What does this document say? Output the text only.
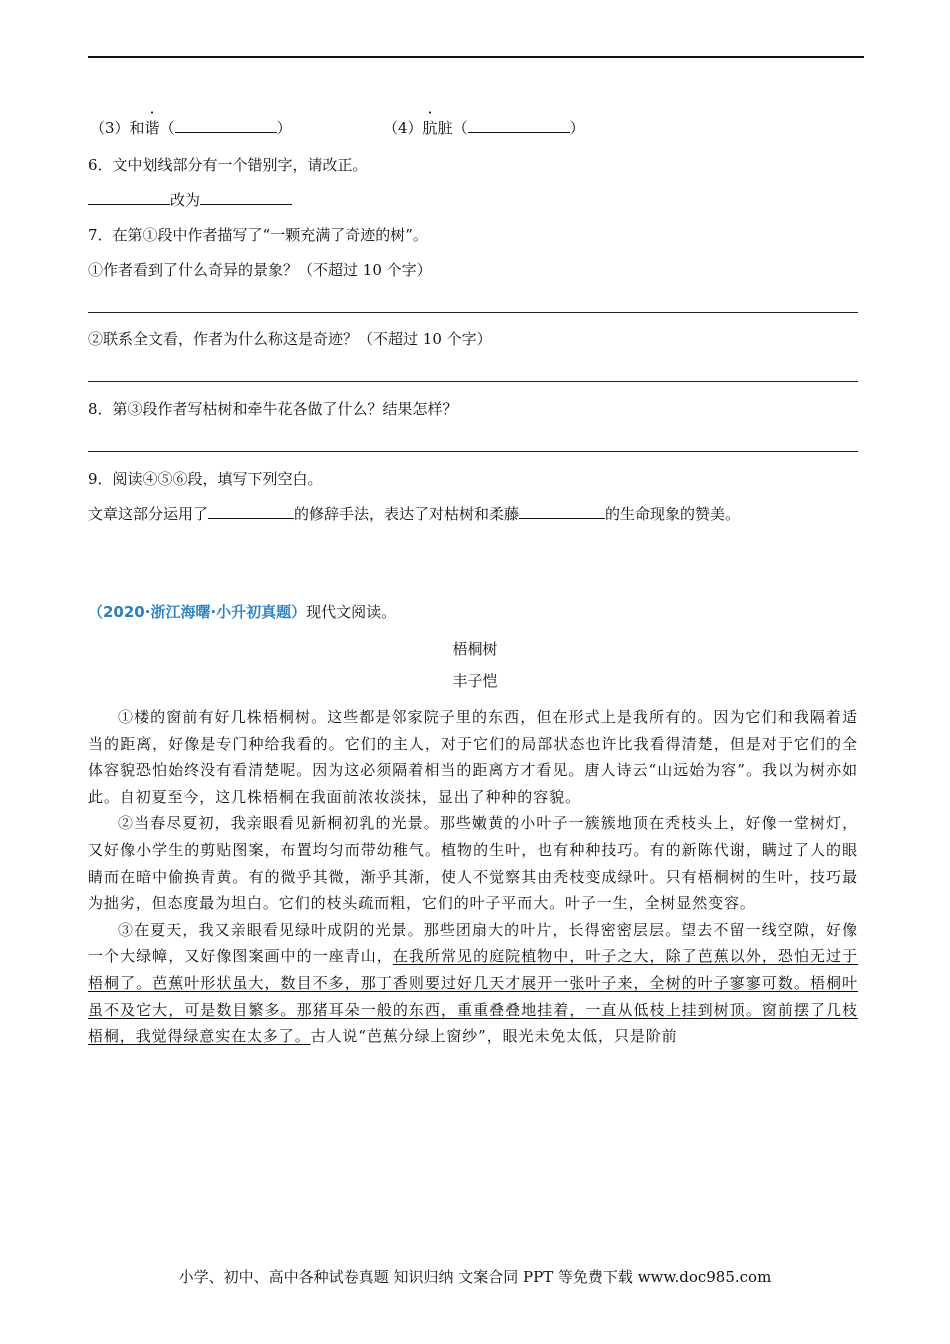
（3）和谐（	）	（4）肮脏（	）
6．文中划线部分有一个错别字，请改正。
改为
7．在第①段中作者描写了“一颗充满了奇迹的树”。
①作者看到了什么奇异的景象？（不超过 10 个字）
②联系全文看，作者为什么称这是奇迹？（不超过 10 个字）
8．第③段作者写枯树和牵牛花各做了什么？结果怎样？
9．阅读④⑤⑥段，填写下列空白。
文章这部分运用了	的修辞手法，表达了对枯树和柔藤	的生命现象的赞美。
（2020·浙江海曙·小升初真题）现代文阅读。
梧桐树
丰子恺

①楼的窗前有好几株梧桐树。这些都是邻家院子里的东西，但在形式上是我所有的。因为它们和我隔着适当的距离，好像是专门种给我看的。它们的主人，对于它们的局部状态也许比我看得清楚，但是对于它们的全体容貌恐怕始终没有看清楚呢。因为这必须隔着相当的距离方才看见。唐人诗云“山远始为容”。我以为树亦如此。自初夏至今，这几株梧桐在我面前浓妆淡抹，显出了种种的容貌。

②当春尽夏初，我亲眼看见新桐初乳的光景。那些嫩黄的小叶子一簇簇地顶在秃枝头上，好像一堂树灯，又好像小学生的剪贴图案，布置均匀而带幼稚气。植物的生叶，也有种种技巧。有的新陈代谢，瞒过了人的眼睛而在暗中偷换青黄。有的微乎其微，渐乎其渐，使人不觉察其由秃枝变成绿叶。只有梧桐树的生叶，技巧最为拙劣，但态度最为坦白。它们的枝头疏而粗，它们的叶子平而大。叶子一生，全树显然变容。

③在夏天，我又亲眼看见绿叶成阴的光景。那些团扇大的叶片，长得密密层层。望去不留一线空隙，好像一个大绿幛，又好像图案画中的一座青山，在我所常见的庭院植物中，叶子之大，除了芭蕉以外，恐怕无过于梧桐了。芭蕉叶形状虽大，数目不多，那丁香则要过好几天才展开一张叶子来，全树的叶子寥寥可数。梧桐叶虽不及它大，可是数目繁多。那猪耳朵一般的东西，重重叠叠地挂着，一直从低枝上挂到树顶。窗前摆了几枝梧桐，我觉得绿意实在太多了。古人说“芭蕉分绿上窗纱”，眼光未免太低，只是阶前

小学、初中、高中各种试卷真题 知识归纳 文案合同 PPT 等免费下载 www.doc985.com
